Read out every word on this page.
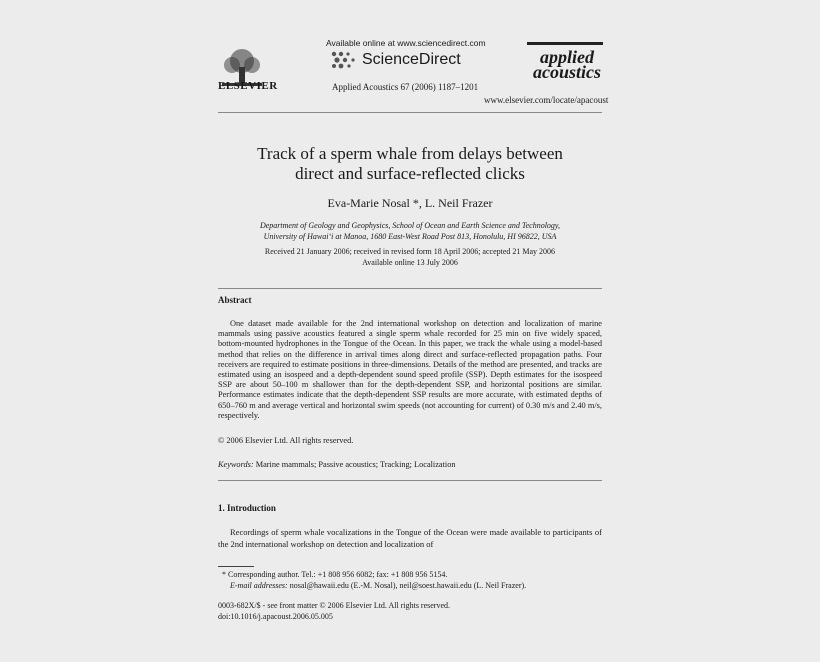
ELSEVIER
Available online at www.sciencedirect.com
ScienceDirect
Applied Acoustics 67 (2006) 1187–1201
applied
acoustics
www.elsevier.com/locate/apacoust
Track of a sperm whale from delays between
direct and surface-reflected clicks
Eva-Marie Nosal *, L. Neil Frazer
Department of Geology and Geophysics, School of Ocean and Earth Science and Technology,
University of Hawai‘i at Manoa, 1680 East-West Road Post 813, Honolulu, HI 96822, USA
Received 21 January 2006; received in revised form 18 April 2006; accepted 21 May 2006
Available online 13 July 2006
Abstract

One dataset made available for the 2nd international workshop on detection and localization of marine mammals using passive acoustics featured a single sperm whale recorded for 25 min on five widely spaced, bottom-mounted hydrophones in the Tongue of the Ocean. In this paper, we track the whale using a model-based method that relies on the difference in arrival times along direct and surface-reflected propagation paths. Four receivers are required to estimate positions in three-dimensions. Details of the method are presented, and tracks are estimated using an isospeed and a depth-dependent sound speed profile (SSP). Depth estimates for the isospeed SSP are about 50–100 m shallower than for the depth-dependent SSP, and horizontal positions are similar. Performance estimates indicate that the depth-dependent SSP results are more accurate, with estimated depths of 650–760 m and average vertical and horizontal swim speeds (not accounting for current) of 0.30 m/s and 2.40 m/s, respectively.

© 2006 Elsevier Ltd. All rights reserved.
Keywords: Marine mammals; Passive acoustics; Tracking; Localization
1. Introduction

Recordings of sperm whale vocalizations in the Tongue of the Ocean were made available to participants of the 2nd international workshop on detection and localization of

* Corresponding author. Tel.: +1 808 956 6082; fax: +1 808 956 5154.
E-mail addresses: nosal@hawaii.edu (E.-M. Nosal), neil@soest.hawaii.edu (L. Neil Frazer).
0003-682X/$ - see front matter © 2006 Elsevier Ltd. All rights reserved.
doi:10.1016/j.apacoust.2006.05.005
